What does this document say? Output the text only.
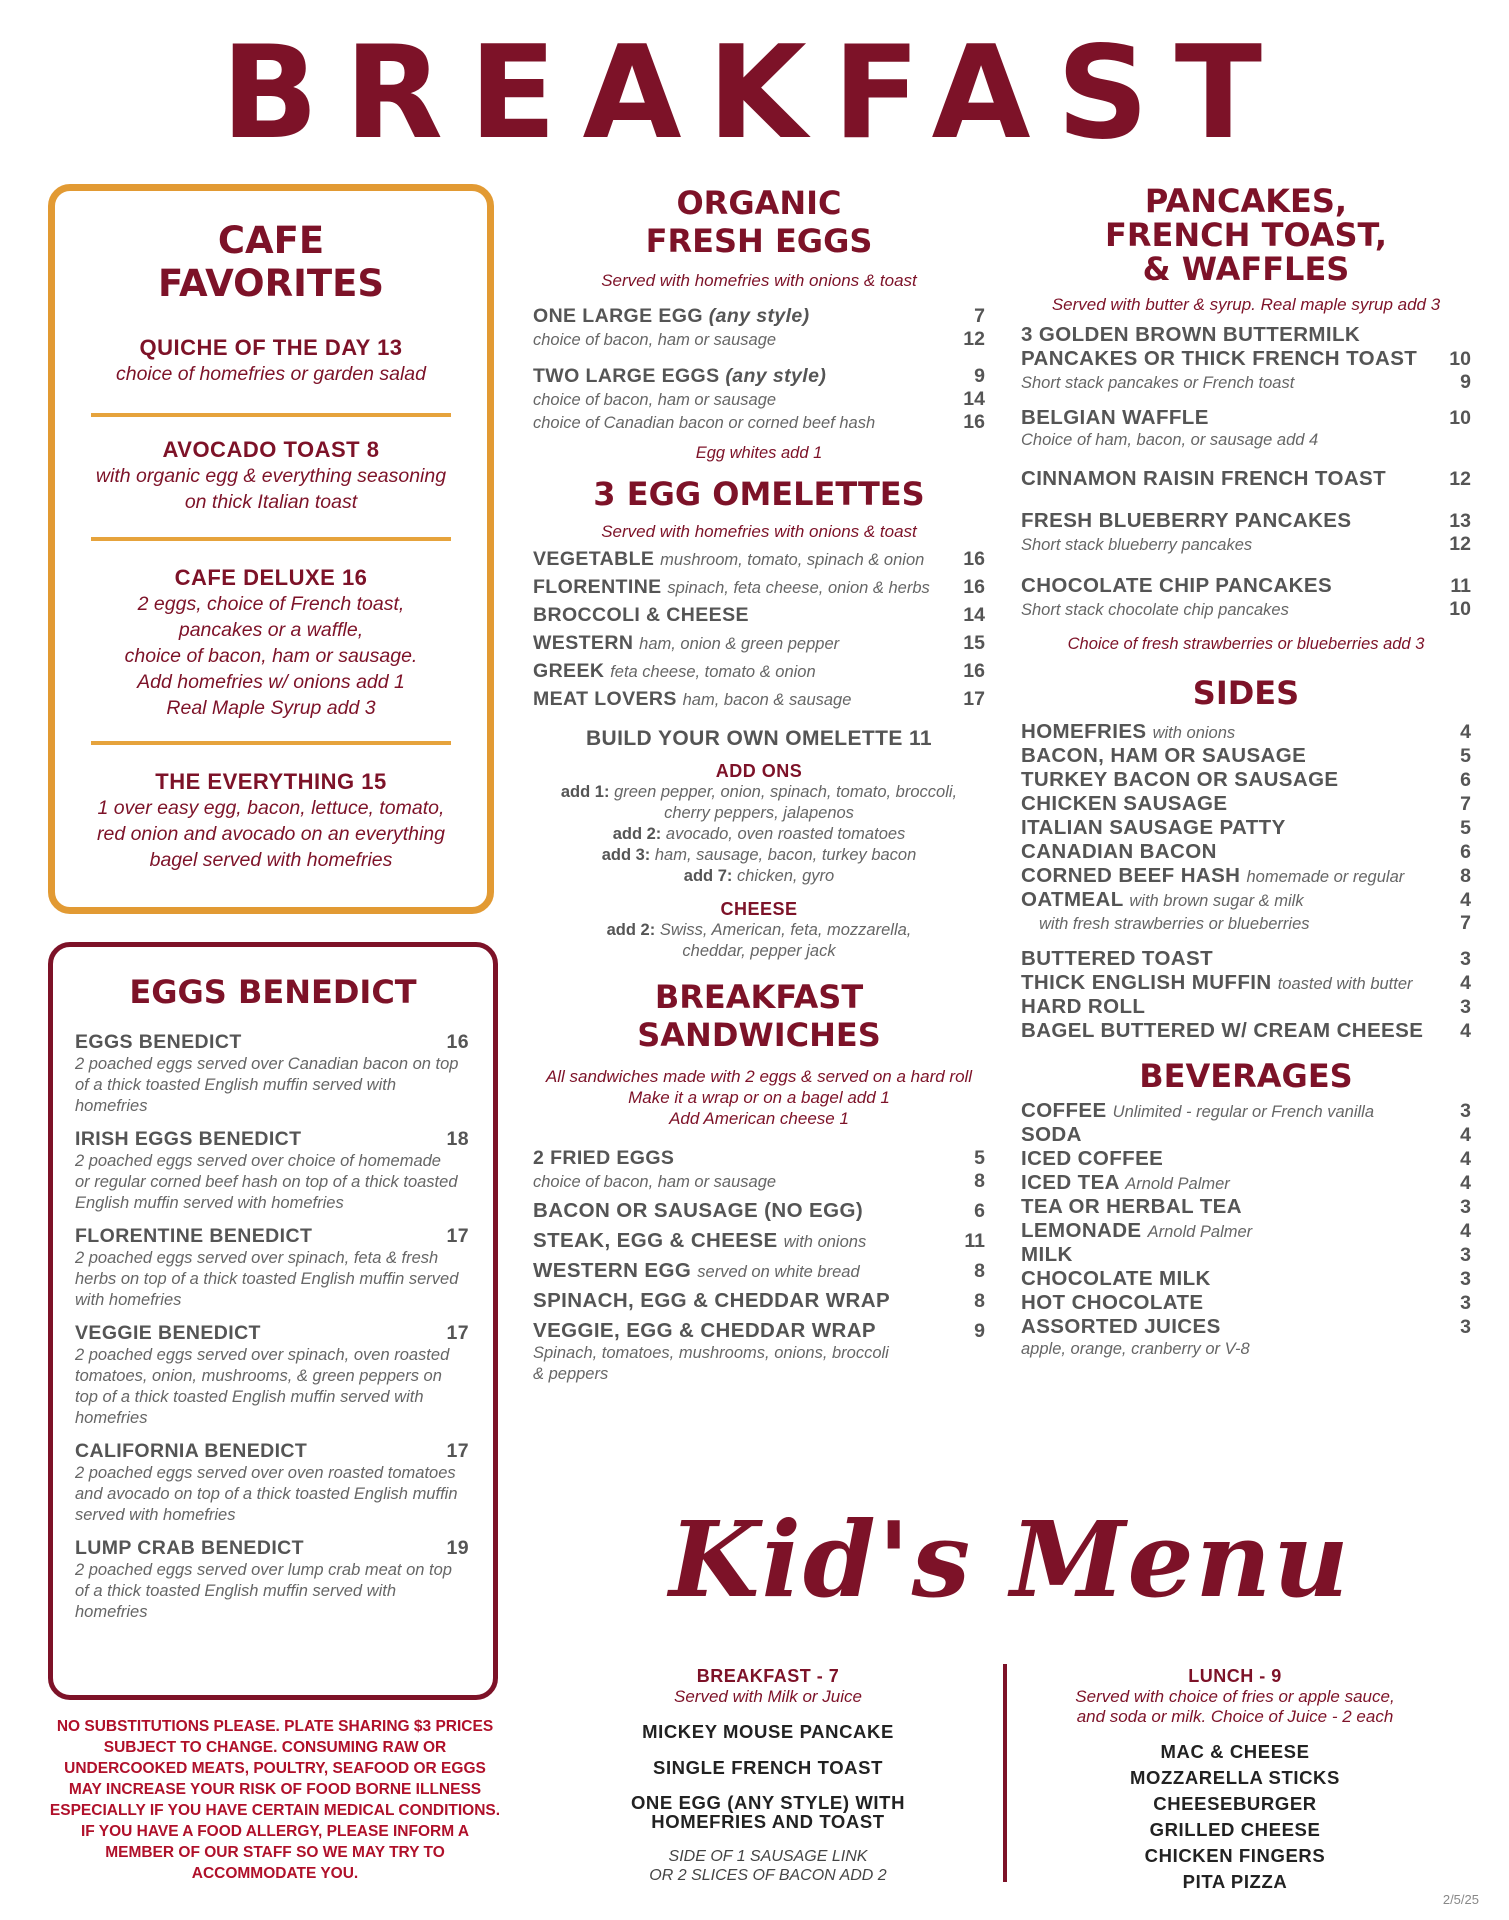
BREAKFAST
CAFE
FAVORITES
QUICHE OF THE DAY 13
choice of homefries or garden salad
AVOCADO TOAST 8
with organic egg & everything seasoning
on thick Italian toast
CAFE DELUXE 16
2 eggs, choice of French toast,
pancakes or a waffle,
choice of bacon, ham or sausage.
Add homefries w/ onions add 1
Real Maple Syrup add 3
THE EVERYTHING 15
1 over easy egg, bacon, lettuce, tomato,
red onion and avocado on an everything
bagel served with homefries
EGGS BENEDICT
EGGS BENEDICT	16
2 poached eggs served over Canadian bacon on top of a thick toasted English muffin served with homefries
IRISH EGGS BENEDICT	18
2 poached eggs served over choice of homemade or regular corned beef hash on top of a thick toasted English muffin served with homefries
FLORENTINE BENEDICT	17
2 poached eggs served over spinach, feta & fresh herbs on top of a thick toasted English muffin served with homefries
VEGGIE BENEDICT	17
2 poached eggs served over spinach, oven roasted tomatoes, onion, mushrooms, & green peppers on top of a thick toasted English muffin served with homefries
CALIFORNIA BENEDICT	17
2 poached eggs served over oven roasted tomatoes and avocado on top of a thick toasted English muffin served with homefries
LUMP CRAB BENEDICT	19
2 poached eggs served over lump crab meat on top of a thick toasted English muffin served with homefries
NO SUBSTITUTIONS PLEASE. PLATE SHARING $3 PRICES SUBJECT TO CHANGE. CONSUMING RAW OR UNDERCOOKED MEATS, POULTRY, SEAFOOD OR EGGS MAY INCREASE YOUR RISK OF FOOD BORNE ILLNESS ESPECIALLY IF YOU HAVE CERTAIN MEDICAL CONDITIONS. IF YOU HAVE A FOOD ALLERGY, PLEASE INFORM A MEMBER OF OUR STAFF SO WE MAY TRY TO ACCOMMODATE YOU.
ORGANIC
FRESH EGGS
Served with homefries with onions & toast
ONE LARGE EGG (any style)	7
choice of bacon, ham or sausage	12
TWO LARGE EGGS (any style)	9
choice of bacon, ham or sausage	14
choice of Canadian bacon or corned beef hash	16
Egg whites add 1
3 EGG OMELETTES
Served with homefries with onions & toast
VEGETABLE mushroom, tomato, spinach & onion 16
FLORENTINE spinach, feta cheese, onion & herbs 16
BROCCOLI & CHEESE	14
WESTERN ham, onion & green pepper	15
GREEK feta cheese, tomato & onion	16
MEAT LOVERS ham, bacon & sausage	17
BUILD YOUR OWN OMELETTE 11
ADD ONS
add 1: green pepper, onion, spinach, tomato, broccoli,
cherry peppers, jalapenos
add 2: avocado, oven roasted tomatoes
add 3: ham, sausage, bacon, turkey bacon
add 7: chicken, gyro
CHEESE
add 2: Swiss, American, feta, mozzarella,
cheddar, pepper jack
BREAKFAST
SANDWICHES
All sandwiches made with 2 eggs & served on a hard roll
Make it a wrap or on a bagel add 1
Add American cheese 1
2 FRIED EGGS	5
choice of bacon, ham or sausage	8
BACON OR SAUSAGE (NO EGG)	6
STEAK, EGG & CHEESE with onions	11
WESTERN EGG served on white bread	8
SPINACH, EGG & CHEDDAR WRAP	8
VEGGIE, EGG & CHEDDAR WRAP	9
Spinach, tomatoes, mushrooms, onions, broccoli
& peppers
PANCAKES,
FRENCH TOAST,
& WAFFLES
Served with butter & syrup. Real maple syrup add 3
3 GOLDEN BROWN BUTTERMILK
PANCAKES OR THICK FRENCH TOAST 10
Short stack pancakes or French toast	9
BELGIAN WAFFLE	10
Choice of ham, bacon, or sausage add 4
CINNAMON RAISIN FRENCH TOAST	12
FRESH BLUEBERRY PANCAKES	13
Short stack blueberry pancakes	12
CHOCOLATE CHIP PANCAKES	11
Short stack chocolate chip pancakes	10
Choice of fresh strawberries or blueberries add 3
SIDES
HOMEFRIES with onions	4
BACON, HAM OR SAUSAGE	5
TURKEY BACON OR SAUSAGE	6
CHICKEN SAUSAGE	7
ITALIAN SAUSAGE PATTY	5
CANADIAN BACON	6
CORNED BEEF HASH homemade or regular	8
OATMEAL with brown sugar & milk	4
with fresh strawberries or blueberries	7
BUTTERED TOAST	3
THICK ENGLISH MUFFIN toasted with butter 4
HARD ROLL	3
BAGEL BUTTERED W/ CREAM CHEESE 4
BEVERAGES
COFFEE Unlimited - regular or French vanilla	3
SODA	4
ICED COFFEE	4
ICED TEA Arnold Palmer	4
TEA OR HERBAL TEA	3
LEMONADE Arnold Palmer	4
MILK	3
CHOCOLATE MILK	3
HOT CHOCOLATE	3
ASSORTED JUICES	3
apple, orange, cranberry or V-8
Kid's Menu
BREAKFAST - 7
Served with Milk or Juice
MICKEY MOUSE PANCAKE
SINGLE FRENCH TOAST
ONE EGG (ANY STYLE) WITH
HOMEFRIES AND TOAST
SIDE OF 1 SAUSAGE LINK
OR 2 SLICES OF BACON ADD 2
LUNCH - 9
Served with choice of fries or apple sauce,
and soda or milk. Choice of Juice - 2 each
MAC & CHEESE
MOZZARELLA STICKS
CHEESEBURGER
GRILLED CHEESE
CHICKEN FINGERS
PITA PIZZA
2/5/25
